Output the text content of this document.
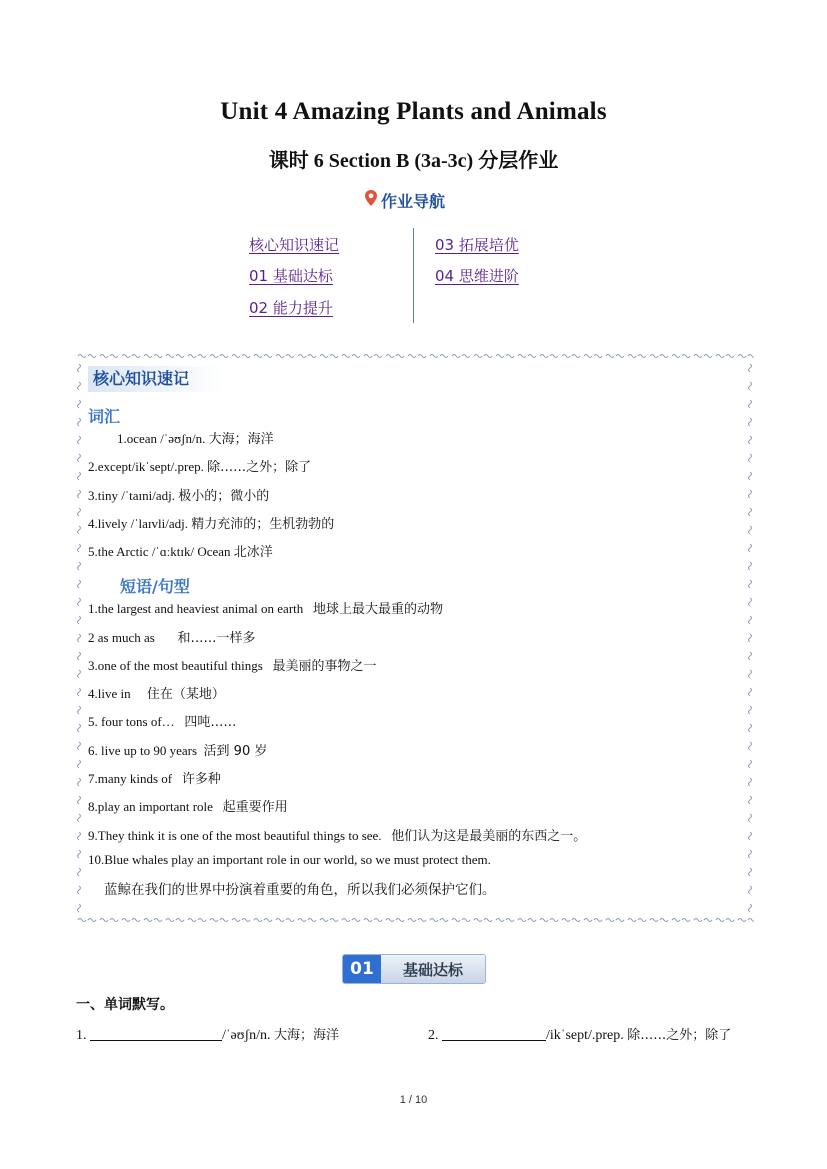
Unit 4 Amazing Plants and Animals
课时 6 Section B (3a-3c) 分层作业
作业导航
核心知识速记
01 基础达标
02 能力提升
03 拓展培优
04 思维进阶
核心知识速记
词汇
1.ocean /ˈəʊʃn/n. 大海；海洋
2.except/ikˈsept/.prep. 除……之外；除了
3.tiny /ˈtaɪni/adj. 极小的；微小的
4.lively /ˈlaɪvli/adj. 精力充沛的；生机勃勃的
5.the Arctic /ˈɑːktɪk/ Ocean 北冰洋
短语/句型
1.the largest and heaviest animal on earth 地球上最大最重的动物
2 as much as 和……一样多
3.one of the most beautiful things 最美丽的事物之一
4.live in 住在（某地）
5. four tons of… 四吨……
6. live up to 90 years 活到 90 岁
7.many kinds of 许多种
8.play an important role 起重要作用
9.They think it is one of the most beautiful things to see. 他们认为这是最美丽的东西之一。
10.Blue whales play an important role in our world, so we must protect them.
蓝鲸在我们的世界中扮演着重要的角色，所以我们必须保护它们。
01	基础达标
一、单词默写。
1.	/ˈəʊʃn/n. 大海；海洋	2.	/ikˈsept/.prep. 除……之外；除了
1 / 10
